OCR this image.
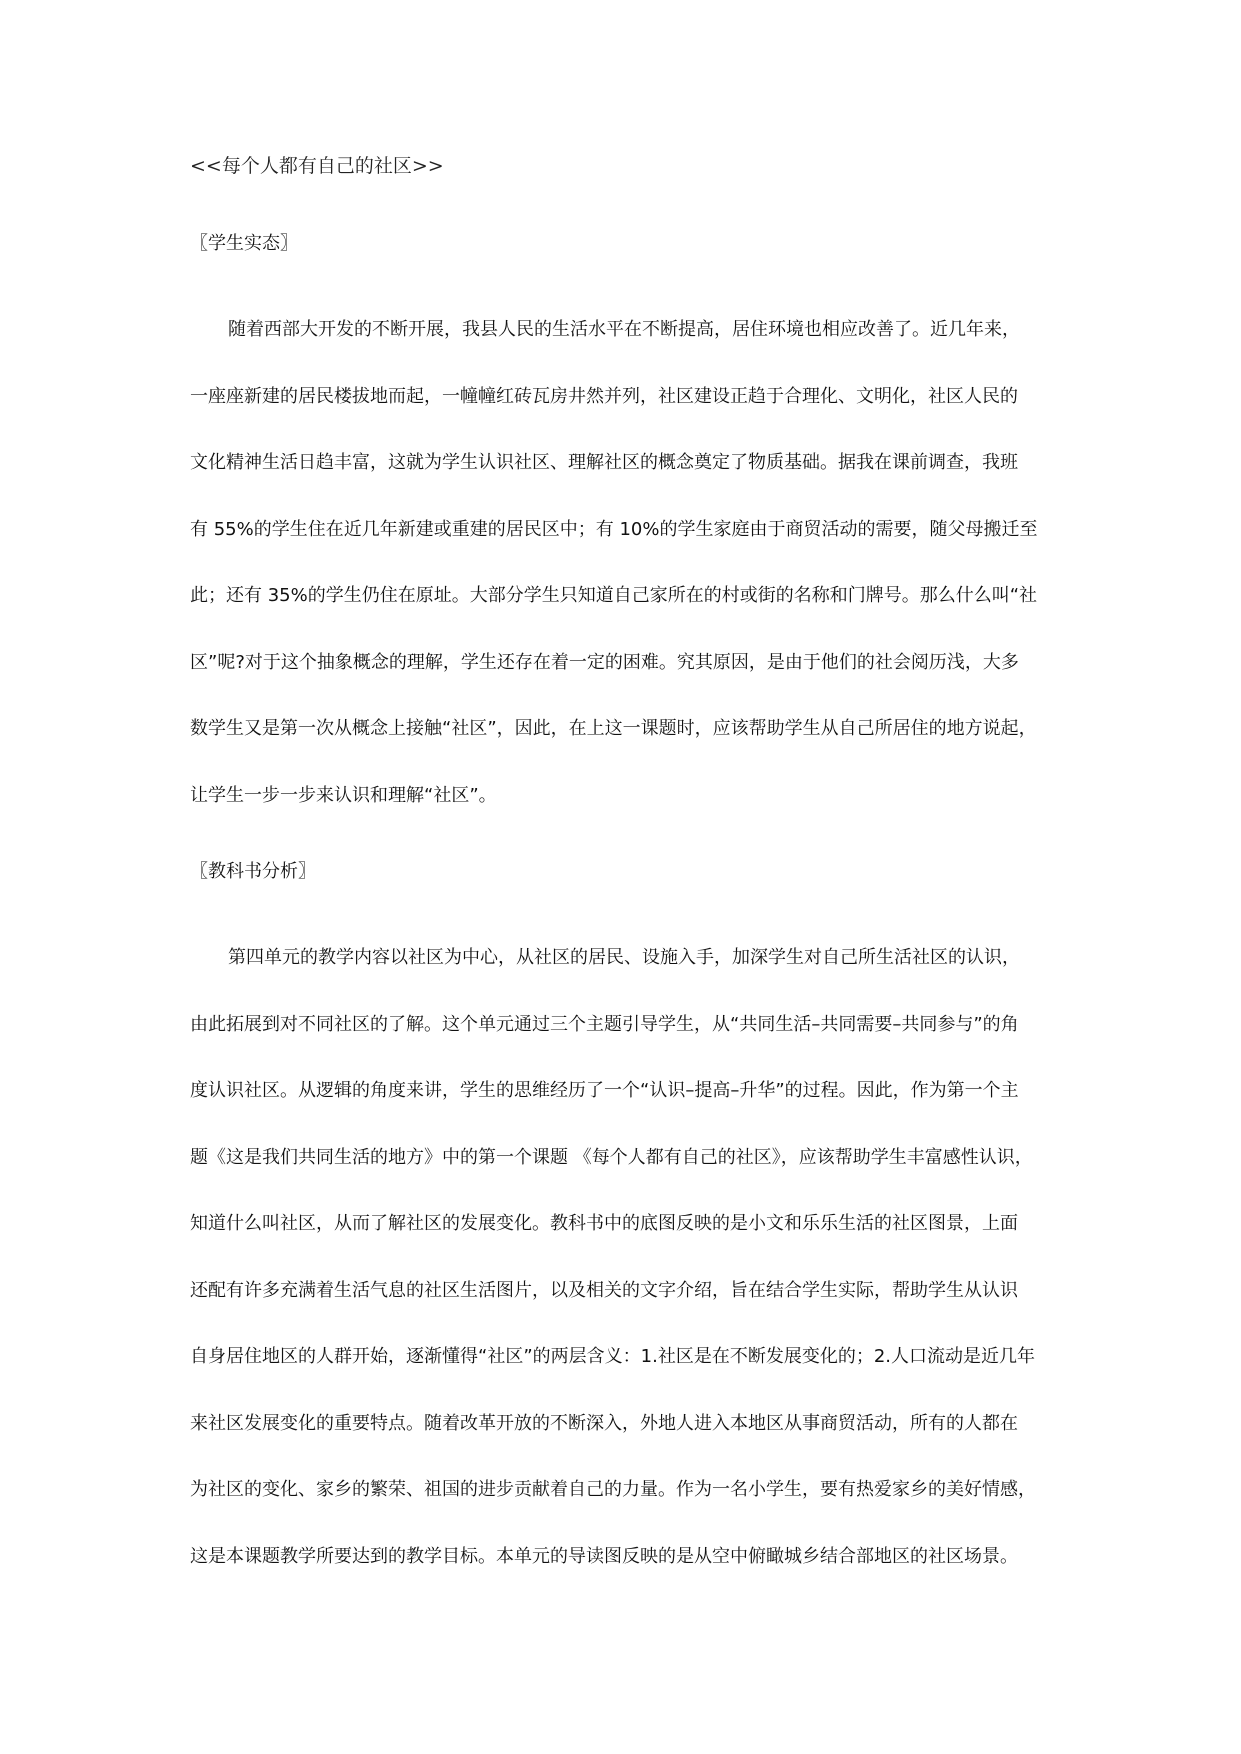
<<每个人都有自己的社区>>
〖学生实态〗
随着西部大开发的不断开展，我县人民的生活水平在不断提高，居住环境也相应改善了。近几年来，
一座座新建的居民楼拔地而起，一幢幢红砖瓦房井然并列，社区建设正趋于合理化、文明化，社区人民的
文化精神生活日趋丰富，这就为学生认识社区、理解社区的概念奠定了物质基础。据我在课前调查，我班
有 55%的学生住在近几年新建或重建的居民区中；有 10%的学生家庭由于商贸活动的需要，随父母搬迁至
此；还有 35%的学生仍住在原址。大部分学生只知道自己家所在的村或街的名称和门牌号。那么什么叫“社
区”呢?对于这个抽象概念的理解，学生还存在着一定的困难。究其原因，是由于他们的社会阅历浅，大多
数学生又是第一次从概念上接触“社区”，因此，在上这一课题时，应该帮助学生从自己所居住的地方说起，
让学生一步一步来认识和理解“社区”。
〖教科书分析〗
第四单元的教学内容以社区为中心，从社区的居民、设施入手，加深学生对自己所生活社区的认识，
由此拓展到对不同社区的了解。这个单元通过三个主题引导学生，从“共同生活–共同需要–共同参与”的角
度认识社区。从逻辑的角度来讲，学生的思维经历了一个“认识–提高–升华”的过程。因此，作为第一个主
题《这是我们共同生活的地方》中的第一个课题 《每个人都有自己的社区》，应该帮助学生丰富感性认识，
知道什么叫社区，从而了解社区的发展变化。教科书中的底图反映的是小文和乐乐生活的社区图景，上面
还配有许多充满着生活气息的社区生活图片，以及相关的文字介绍，旨在结合学生实际，帮助学生从认识
自身居住地区的人群开始，逐渐懂得“社区”的两层含义：1.社区是在不断发展变化的；2.人口流动是近几年
来社区发展变化的重要特点。随着改革开放的不断深入，外地人进入本地区从事商贸活动，所有的人都在
为社区的变化、家乡的繁荣、祖国的进步贡献着自己的力量。作为一名小学生，要有热爱家乡的美好情感，
这是本课题教学所要达到的教学目标。本单元的导读图反映的是从空中俯瞰城乡结合部地区的社区场景。
